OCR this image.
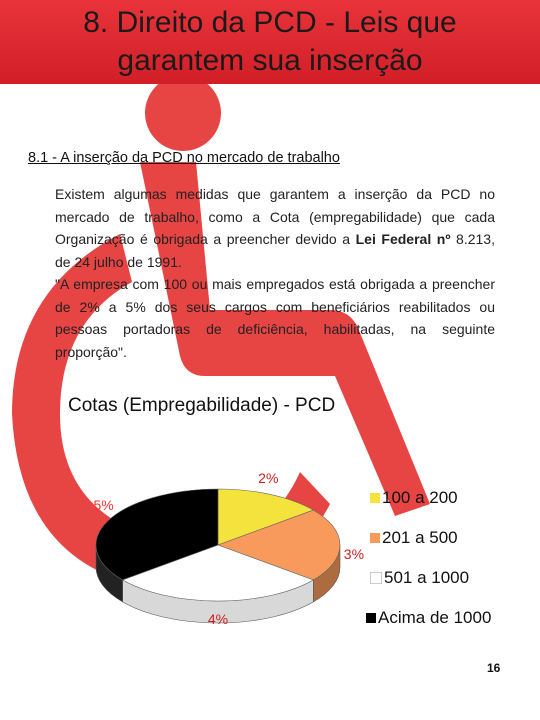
8. Direito da PCD - Leis que
garantem sua inserção
8.1 - A inserção da PCD no mercado de trabalho

Existem algumas medidas que garantem a inserção da PCD no mercado de trabalho, como a Cota (empregabilidade) que cada Organização é obrigada a preencher devido a Lei Federal nº 8.213, de 24 julho de 1991.

"A empresa com 100 ou mais empregados está obrigada a preencher de 2% a 5% dos seus cargos com beneficiários reabilitados ou pessoas portadoras de deficiência, habilitadas, na seguinte proporção".

Cotas (Empregabilidade) - PCD
2%
3%
4%
5%	100 a 200
201 a 500
501 a 1000
Acima de 1000
16
